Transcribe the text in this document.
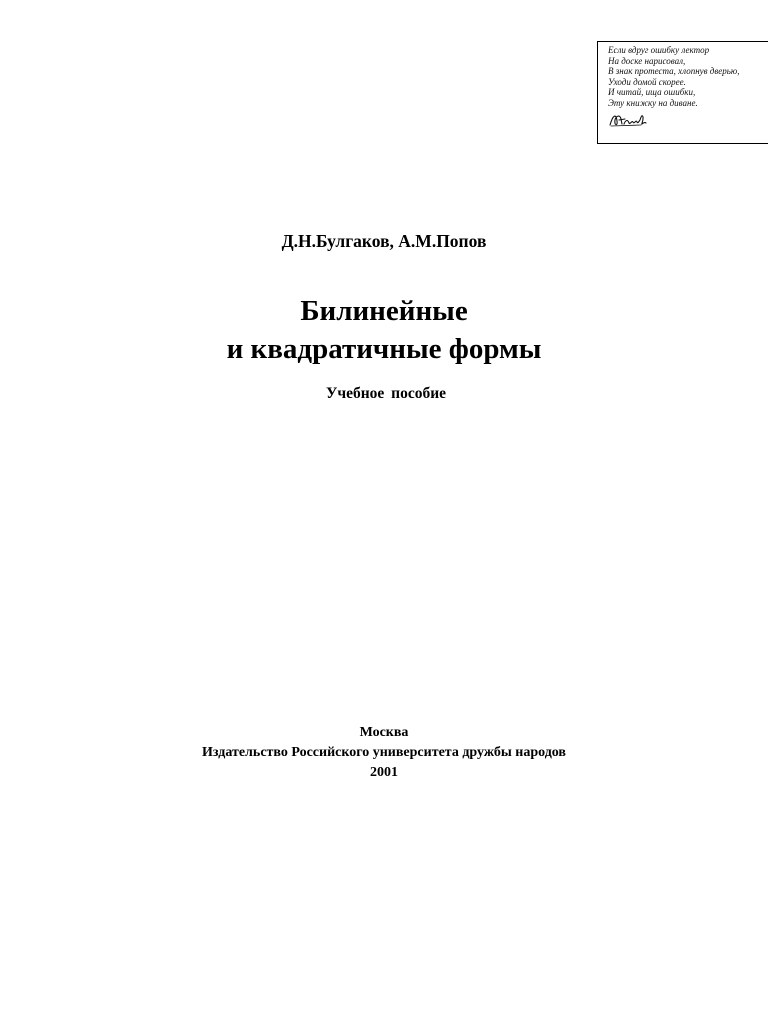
Если вдруг ошибку лектор
На доске нарисовал,
В знак протеста, хлопнув дверью,
Уходи домой скорее.
И читай, ища ошибки,
Эту книжку на диване.
Д.Н.Булгаков, А.М.Попов
Билинейные
и квадратичные формы
Учебное пособие
Москва
Издательство Российского университета дружбы народов
2001
